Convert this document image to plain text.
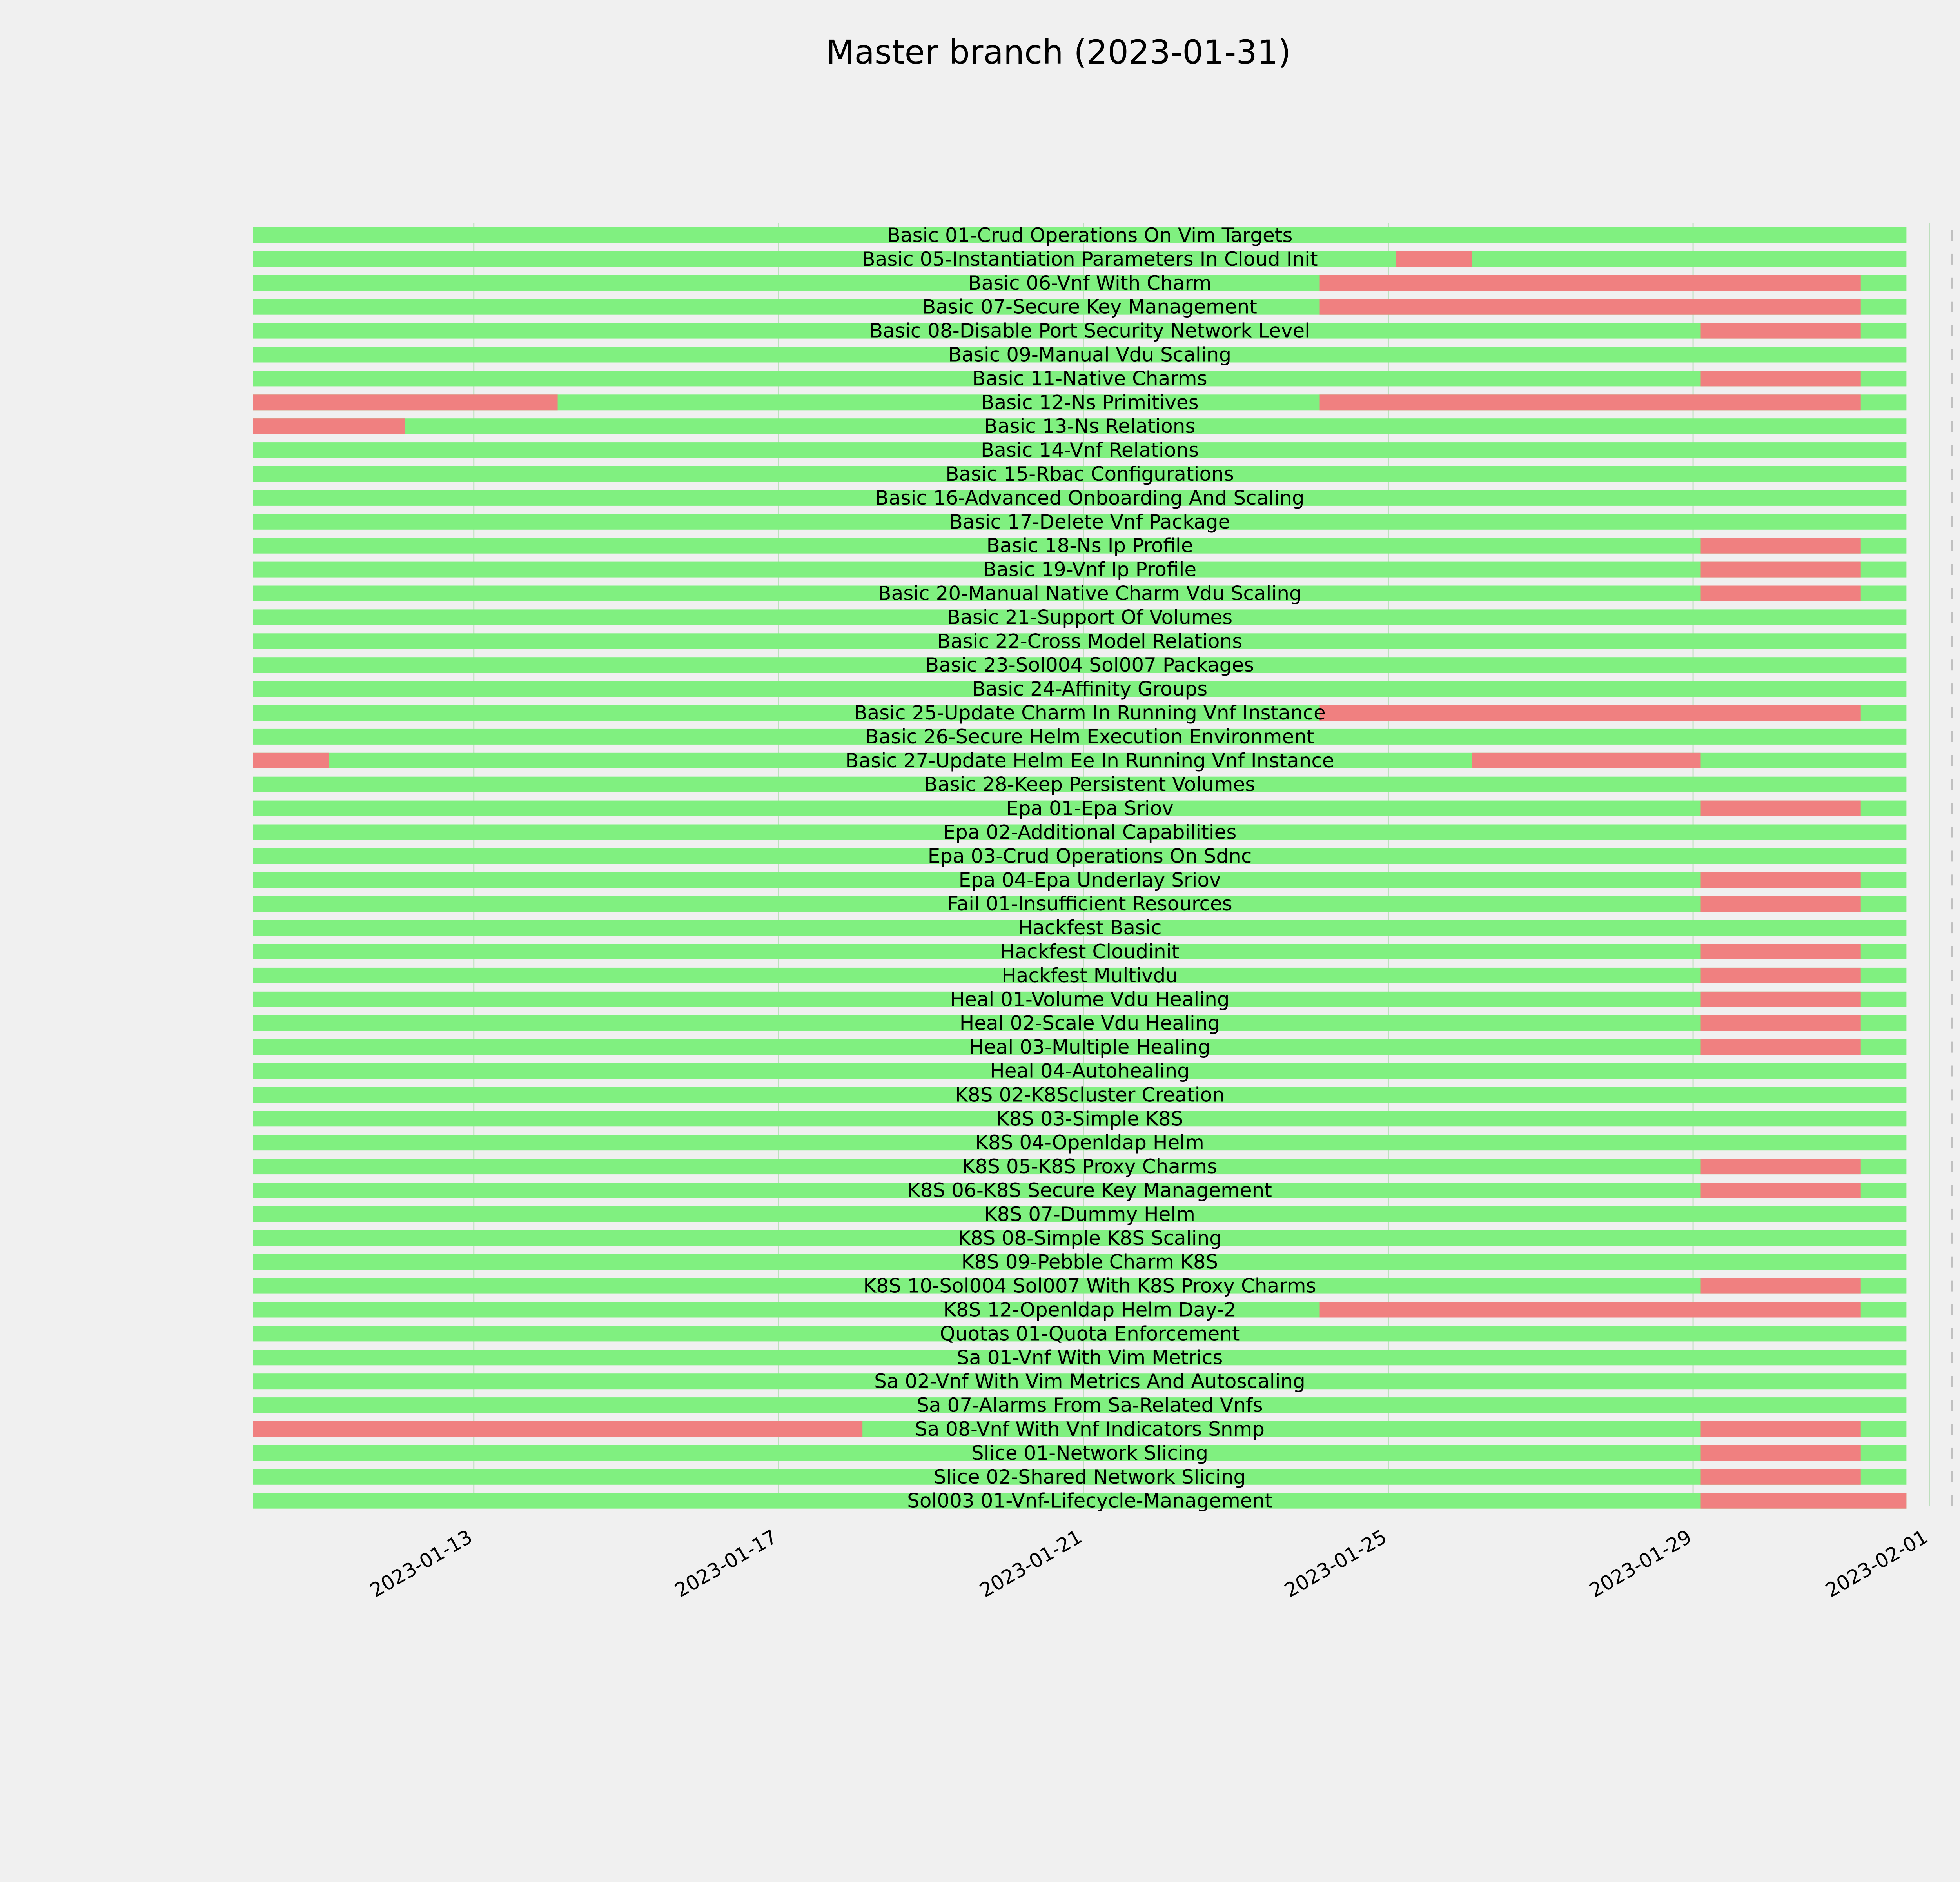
Master branch (2023-01-31)
Basic 01-Crud Operations On Vim Targets
Basic 05-Instantiation Parameters In Cloud Init
Basic 06-Vnf With Charm
Basic 07-Secure Key Management
Basic 08-Disable Port Security Network Level
Basic 09-Manual Vdu Scaling
Basic 11-Native Charms
Basic 12-Ns Primitives
Basic 13-Ns Relations
Basic 14-Vnf Relations
Basic 15-Rbac Configurations
Basic 16-Advanced Onboarding And Scaling
Basic 17-Delete Vnf Package
Basic 18-Ns Ip Profile
Basic 19-Vnf Ip Profile
Basic 20-Manual Native Charm Vdu Scaling
Basic 21-Support Of Volumes
Basic 22-Cross Model Relations
Basic 23-Sol004 Sol007 Packages
Basic 24-Affinity Groups
Basic 25-Update Charm In Running Vnf Instance
Basic 26-Secure Helm Execution Environment
Basic 27-Update Helm Ee In Running Vnf Instance
Basic 28-Keep Persistent Volumes
Epa 01-Epa Sriov
Epa 02-Additional Capabilities
Epa 03-Crud Operations On Sdnc
Epa 04-Epa Underlay Sriov
Fail 01-Insufficient Resources
Hackfest Basic
Hackfest Cloudinit
Hackfest Multivdu
Heal 01-Volume Vdu Healing
Heal 02-Scale Vdu Healing
Heal 03-Multiple Healing
Heal 04-Autohealing
K8S 02-K8Scluster Creation
K8S 03-Simple K8S
K8S 04-Openldap Helm
K8S 05-K8S Proxy Charms
K8S 06-K8S Secure Key Management
K8S 07-Dummy Helm
K8S 08-Simple K8S Scaling
K8S 09-Pebble Charm K8S
K8S 10-Sol004 Sol007 With K8S Proxy Charms
K8S 12-Openldap Helm Day-2
Quotas 01-Quota Enforcement
Sa 01-Vnf With Vim Metrics
Sa 02-Vnf With Vim Metrics And Autoscaling
Sa 07-Alarms From Sa-Related Vnfs
Sa 08-Vnf With Vnf Indicators Snmp
Slice 01-Network Slicing
Slice 02-Shared Network Slicing
Sol003 01-Vnf-Lifecycle-Management
2023-01-13	2023-01-17	2023-01-21	2023-01-25	2023-01-29	2023-02-01
